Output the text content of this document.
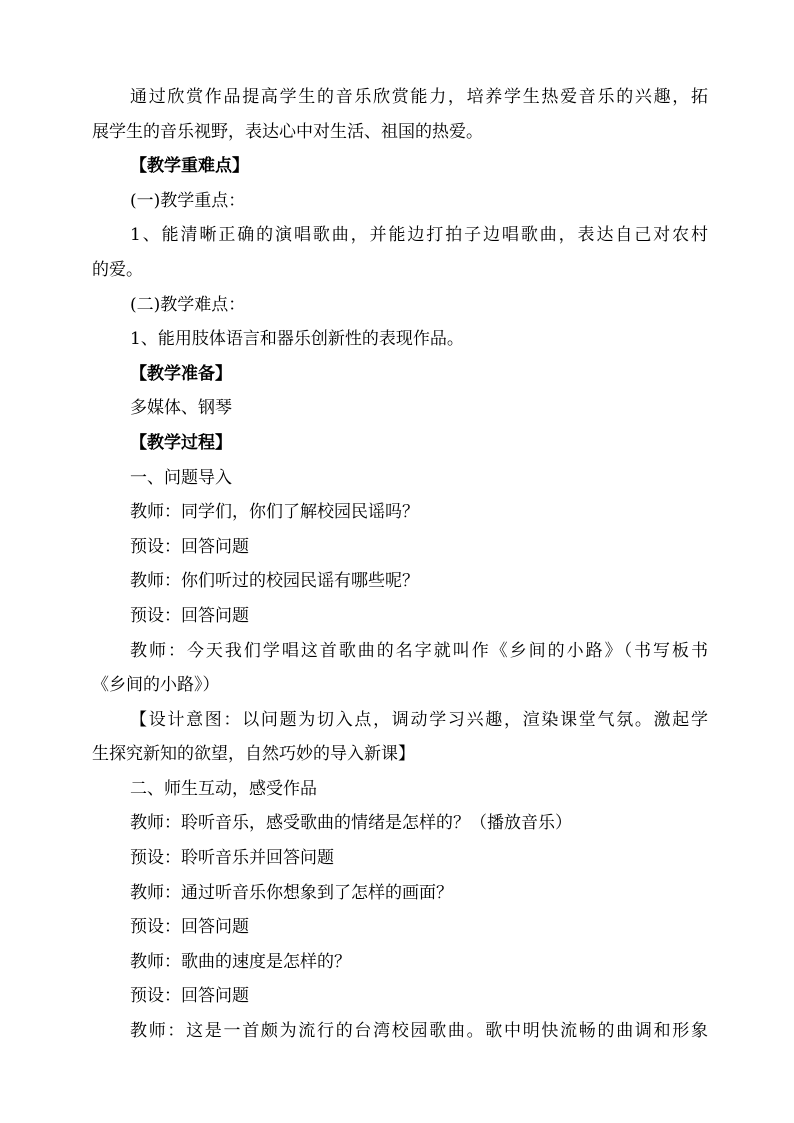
通过欣赏作品提高学生的音乐欣赏能力，培养学生热爱音乐的兴趣，拓
展学生的音乐视野，表达心中对生活、祖国的热爱。
【教学重难点】
(一)教学重点：
1、能清晰正确的演唱歌曲，并能边打拍子边唱歌曲，表达自己对农村
的爱。
(二)教学难点：
1、能用肢体语言和器乐创新性的表现作品。
【教学准备】
多媒体、钢琴
【教学过程】
一、问题导入
教师：同学们，你们了解校园民谣吗？
预设：回答问题
教师：你们听过的校园民谣有哪些呢？
预设：回答问题
教师：今天我们学唱这首歌曲的名字就叫作《乡间的小路》（书写板书
《乡间的小路》）
【设计意图：以问题为切入点，调动学习兴趣，渲染课堂气氛。激起学
生探究新知的欲望，自然巧妙的导入新课】
二、师生互动，感受作品
教师：聆听音乐，感受歌曲的情绪是怎样的？（播放音乐）
预设：聆听音乐并回答问题
教师：通过听音乐你想象到了怎样的画面？
预设：回答问题
教师：歌曲的速度是怎样的？
预设：回答问题
教师：这是一首颇为流行的台湾校园歌曲。歌中明快流畅的曲调和形象
